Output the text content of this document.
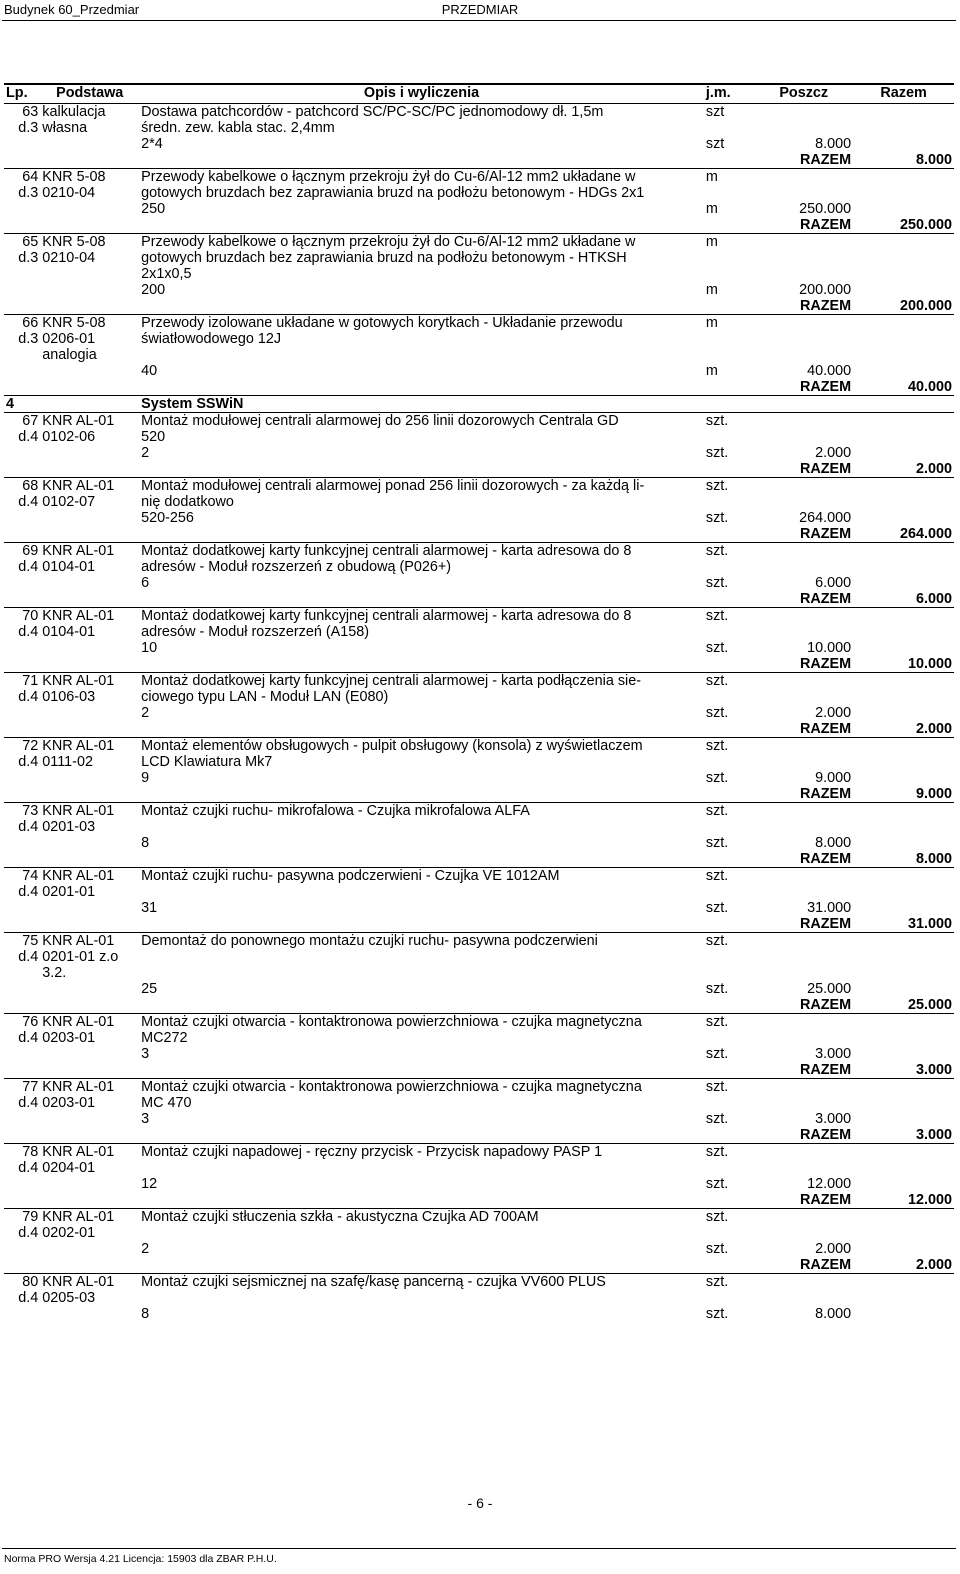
Budynek 60_Przedmiar	PRZEDMIAR
Lp.	Podstawa	Opis i wyliczenia	j.m.	Poszcz	Razem
63	kalkulacja	Dostawa patchcordów - patchcord SC/PC-SC/PC jednomodowy dł. 1,5m	szt		
d.3	własna	średn. zew. kabla stac. 2,4mm			
		2*4	szt	8.000	
			RAZEM		8.000
64	KNR 5-08	Przewody kabelkowe o łącznym przekroju żył do Cu-6/Al-12 mm2 układane w	m		
d.3	0210-04	gotowych bruzdach bez zaprawiania bruzd na podłożu betonowym - HDGs 2x1			
		250	m	250.000	
			RAZEM		250.000
65	KNR 5-08	Przewody kabelkowe o łącznym przekroju żył do Cu-6/Al-12 mm2 układane w	m		
d.3	0210-04	gotowych bruzdach bez zaprawiania bruzd na podłożu betonowym - HTKSH			
		2x1x0,5			
		200	m	200.000	
			RAZEM		200.000
66	KNR 5-08	Przewody izolowane układane w gotowych korytkach - Układanie przewodu	m		
d.3	0206-01	światłowodowego 12J			
	analogia				
		40	m	40.000	
			RAZEM		40.000
4		System SSWiN			
67	KNR AL-01	Montaż modułowej centrali alarmowej do 256 linii dozorowych Centrala GD	szt.		
d.4	0102-06	520			
		2	szt.	2.000	
			RAZEM		2.000
68	KNR AL-01	Montaż modułowej centrali alarmowej ponad 256 linii dozorowych - za każdą li-	szt.		
d.4	0102-07	nię dodatkowo			
		520-256	szt.	264.000	
			RAZEM		264.000
69	KNR AL-01	Montaż dodatkowej karty funkcyjnej centrali alarmowej - karta adresowa do 8	szt.		
d.4	0104-01	adresów - Moduł rozszerzeń z obudową (P026+)			
		6	szt.	6.000	
			RAZEM		6.000
70	KNR AL-01	Montaż dodatkowej karty funkcyjnej centrali alarmowej - karta adresowa do 8	szt.		
d.4	0104-01	adresów - Moduł rozszerzeń (A158)			
		10	szt.	10.000	
			RAZEM		10.000
71	KNR AL-01	Montaż dodatkowej karty funkcyjnej centrali alarmowej - karta podłączenia sie-	szt.		
d.4	0106-03	ciowego typu LAN - Moduł LAN (E080)			
		2	szt.	2.000	
			RAZEM		2.000
72	KNR AL-01	Montaż elementów obsługowych - pulpit obsługowy (konsola) z wyświetlaczem	szt.		
d.4	0111-02	LCD Klawiatura Mk7			
		9	szt.	9.000	
			RAZEM		9.000
73	KNR AL-01	Montaż czujki ruchu- mikrofalowa - Czujka mikrofalowa ALFA	szt.		
d.4	0201-03				
		8	szt.	8.000	
			RAZEM		8.000
74	KNR AL-01	Montaż czujki ruchu- pasywna podczerwieni - Czujka VE 1012AM	szt.		
d.4	0201-01				
		31	szt.	31.000	
			RAZEM		31.000
75	KNR AL-01	Demontaż do ponownego montażu czujki ruchu- pasywna podczerwieni	szt.		
d.4	0201-01 z.o				
	3.2.				
		25	szt.	25.000	
			RAZEM		25.000
76	KNR AL-01	Montaż czujki otwarcia - kontaktronowa powierzchniowa - czujka magnetyczna	szt.		
d.4	0203-01	MC272			
		3	szt.	3.000	
			RAZEM		3.000
77	KNR AL-01	Montaż czujki otwarcia - kontaktronowa powierzchniowa - czujka magnetyczna	szt.		
d.4	0203-01	MC 470			
		3	szt.	3.000	
			RAZEM		3.000
78	KNR AL-01	Montaż czujki napadowej - ręczny przycisk - Przycisk napadowy PASP 1	szt.		
d.4	0204-01				
		12	szt.	12.000	
			RAZEM		12.000
79	KNR AL-01	Montaż czujki stłuczenia szkła - akustyczna Czujka AD 700AM	szt.		
d.4	0202-01				
		2	szt.	2.000	
			RAZEM		2.000
80	KNR AL-01	Montaż czujki sejsmicznej na szafę/kasę pancerną - czujka VV600 PLUS	szt.		
d.4	0205-03				
		8	szt.	8.000	
- 6 -
Norma PRO Wersja 4.21 Licencja: 15903 dla ZBAR P.H.U.
